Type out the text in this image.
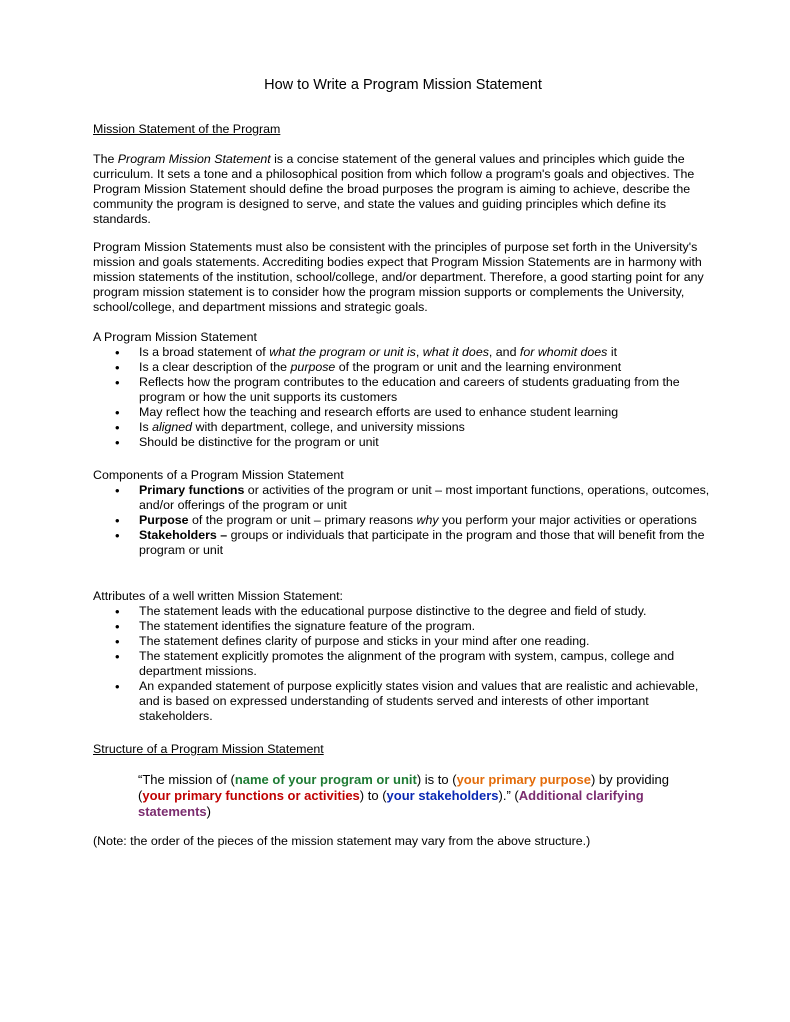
How to Write a Program Mission Statement

Mission Statement of the Program

The Program Mission Statement is a concise statement of the general values and principles which guide the curriculum. It sets a tone and a philosophical position from which follow a program's goals and objectives. The Program Mission Statement should define the broad purposes the program is aiming to achieve, describe the community the program is designed to serve, and state the values and guiding principles which define its standards.

Program Mission Statements must also be consistent with the principles of purpose set forth in the University's mission and goals statements. Accrediting bodies expect that Program Mission Statements are in harmony with mission statements of the institution, school/college, and/or department. Therefore, a good starting point for any program mission statement is to consider how the program mission supports or complements the University, school/college, and department missions and strategic goals.

A Program Mission Statement

• Is a broad statement of what the program or unit is, what it does, and for whomit does it
• Is a clear description of the purpose of the program or unit and the learning environment
• Reflects how the program contributes to the education and careers of students graduating from the program or how the unit supports its customers
• May reflect how the teaching and research efforts are used to enhance student learning
• Is aligned with department, college, and university missions
• Should be distinctive for the program or unit

Components of a Program Mission Statement

• Primary functions or activities of the program or unit – most important functions, operations, outcomes, and/or offerings of the program or unit
• Purpose of the program or unit – primary reasons why you perform your major activities or operations
• Stakeholders – groups or individuals that participate in the program and those that will benefit from the program or unit

Attributes of a well written Mission Statement:

• The statement leads with the educational purpose distinctive to the degree and field of study.
• The statement identifies the signature feature of the program.
• The statement defines clarity of purpose and sticks in your mind after one reading.
• The statement explicitly promotes the alignment of the program with system, campus, college and department missions.
• An expanded statement of purpose explicitly states vision and values that are realistic and achievable, and is based on expressed understanding of students served and interests of other important stakeholders.

Structure of a Program Mission Statement

“The mission of (name of your program or unit) is to (your primary purpose) by providing (your primary functions or activities) to (your stakeholders).” (Additional clarifying statements)

(Note: the order of the pieces of the mission statement may vary from the above structure.)
